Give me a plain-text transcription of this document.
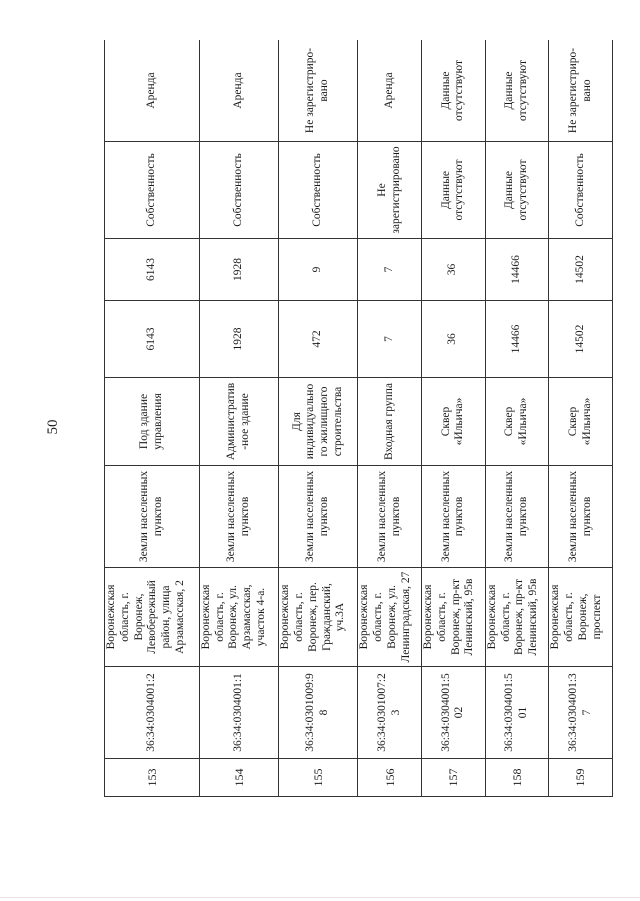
50
153	36:34:0304001:2	Воронежская область, г. Воронеж, Левобережный район, улица Арзамасская, 2	Земли населенных пунктов	Под здание управления	6143	6143	Собственность	Аренда
154	36:34:0304001:1	Воронежская область, г. Воронеж, ул. Арзамасская, участок 4-а.	Земли населенных пунктов	Административ-ное здание	1928	1928	Собственность	Аренда
155	36:34:0301009:98	Воронежская область, г. Воронеж, пер. Гражданский, уч.3А	Земли населенных пунктов	Для индивидуального жилищного строительства	472	9	Собственность	Не зарегистриро-вано
156	36:34:0301007:23	Воронежская область, г. Воронеж, ул. Ленинградская, 27	Земли населенных пунктов	Входная группа	7	7	Не зарегистрировано	Аренда
157	36:34:0304001:502	Воронежская область, г. Воронеж, пр-кт Ленинский, 95в	Земли населенных пунктов	Сквер «Ильича»	36	36	Данные отсутствуют	Данные отсутствуют
158	36:34:0304001:501	Воронежская область, г. Воронеж, пр-кт Ленинский, 95в	Земли населенных пунктов	Сквер «Ильича»	14466	14466	Данные отсутствуют	Данные отсутствуют
159	36:34:0304001:37	Воронежская область, г. Воронеж, проспект	Земли населенных пунктов	Сквер «Ильича»	14502	14502	Собственность	Не зарегистриро-вано
